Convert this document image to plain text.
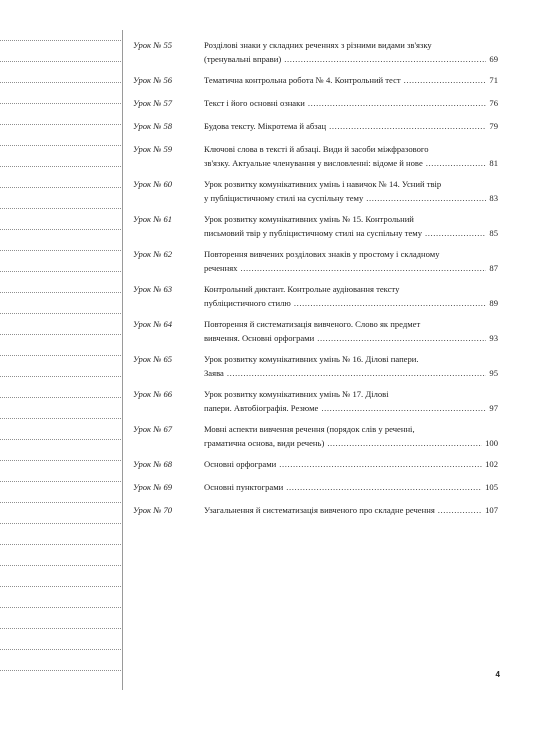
Урок № 55	Розділові знаки у складних реченнях з різними видами зв'язку
(тренувальні вправи) .....	69
Урок № 56	Тематична контрольна робота № 4. Контрольний тест .....	71
Урок № 57	Текст і його основні ознаки .....	76
Урок № 58	Будова тексту. Мікротема й абзац .....	79
Урок № 59	Ключові слова в тексті й абзаці. Види й засоби міжфразового
зв'язку. Актуальне членування у висловленні: відоме й нове .....	81
Урок № 60	Урок розвитку комунікативних умінь і навичок № 14. Усний твір
у публіцистичному стилі на суспільну тему .....	83
Урок № 61	Урок розвитку комунікативних умінь № 15. Контрольний
письмовий твір у публіцистичному стилі на суспільну тему .....	85
Урок № 62	Повторення вивчених розділових знаків у простому і складному
реченнях .....	87
Урок № 63	Контрольний диктант. Контрольне аудіювання тексту
публіцистичного стилю .....	89
Урок № 64	Повторення й систематизація вивченого. Слово як предмет
вивчення. Основні орфограми .....	93
Урок № 65	Урок розвитку комунікативних умінь № 16. Ділові папери.
Заява .....	95
Урок № 66	Урок розвитку комунікативних умінь № 17. Ділові
папери. Автобіографія. Резюме .....	97
Урок № 67	Мовні аспекти вивчення речення (порядок слів у реченні,
граматична основа, види речень) .....	100
Урок № 68	Основні орфограми .....	102
Урок № 69	Основні пунктограми .....	105
Урок № 70	Узагальнення й систематизація вивченого про складне речення .....	107
4
